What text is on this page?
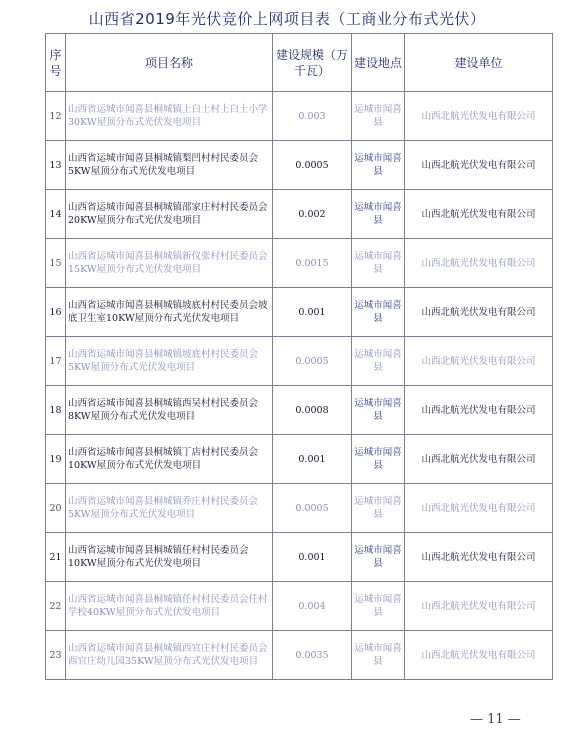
山西省2019年光伏竞价上网项目表（工商业分布式光伏）
序号	项目名称	建设规模（万千瓦）	建设地点	建设单位
12	山西省运城市闻喜县桐城镇上白土村上白土小学30KW屋顶分布式光伏发电项目	0.003	运城市闻喜县	山西北航光伏发电有限公司
13	山西省运城市闻喜县桐城镇梨凹村村民委员会5KW屋顶分布式光伏发电项目	0.0005	运城市闻喜县	山西北航光伏发电有限公司
14	山西省运城市闻喜县桐城镇邵家庄村村民委员会20KW屋顶分布式光伏发电项目	0.002	运城市闻喜县	山西北航光伏发电有限公司
15	山西省运城市闻喜县桐城镇新仪张村村民委员会15KW屋顶分布式光伏发电项目	0.0015	运城市闻喜县	山西北航光伏发电有限公司
16	山西省运城市闻喜县桐城镇坡底村村民委员会坡底卫生室10KW屋顶分布式光伏发电项目	0.001	运城市闻喜县	山西北航光伏发电有限公司
17	山西省运城市闻喜县桐城镇坡底村村民委员会5KW屋顶分布式光伏发电项目	0.0005	运城市闻喜县	山西北航光伏发电有限公司
18	山西省运城市闻喜县桐城镇西吴村村民委员会8KW屋顶分布式光伏发电项目	0.0008	运城市闻喜县	山西北航光伏发电有限公司
19	山西省运城市闻喜县桐城镇丁店村村民委员会10KW屋顶分布式光伏发电项目	0.001	运城市闻喜县	山西北航光伏发电有限公司
20	山西省运城市闻喜县桐城镇乔庄村村民委员会5KW屋顶分布式光伏发电项目	0.0005	运城市闻喜县	山西北航光伏发电有限公司
21	山西省运城市闻喜县桐城镇任村村民委员会10KW屋顶分布式光伏发电项目	0.001	运城市闻喜县	山西北航光伏发电有限公司
22	山西省运城市闻喜县桐城镇任村村民委员会任村学校40KW屋顶分布式光伏发电项目	0.004	运城市闻喜县	山西北航光伏发电有限公司
23	山西省运城市闻喜县桐城镇西官庄村村民委员会西官庄幼儿园35KW屋顶分布式光伏发电项目	0.0035	运城市闻喜县	山西北航光伏发电有限公司
— 11 —
